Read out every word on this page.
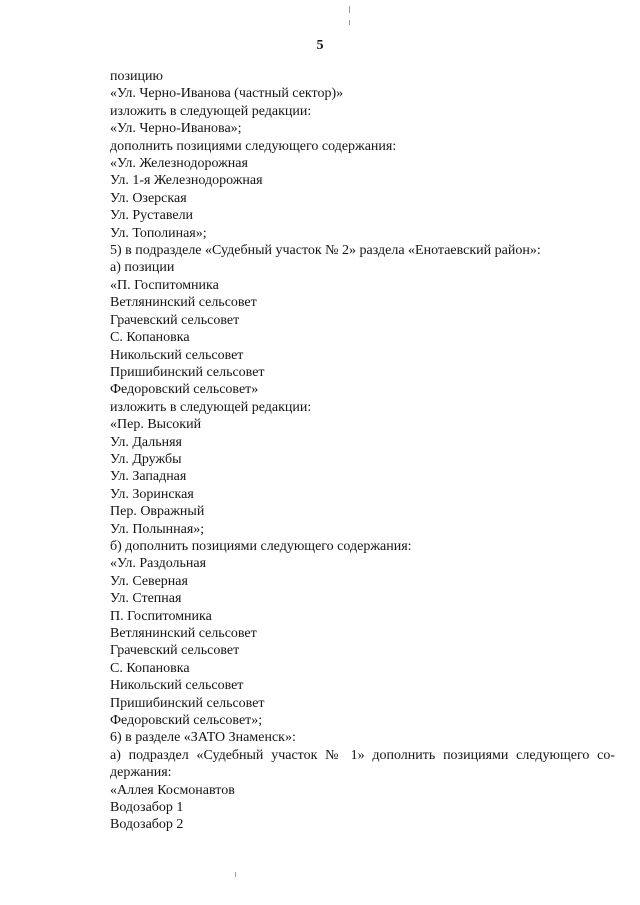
5
позицию
«Ул. Черно-Иванова (частный сектор)»
изложить в следующей редакции:
«Ул. Черно-Иванова»;
дополнить позициями следующего содержания:
«Ул. Железнодорожная
Ул. 1-я Железнодорожная
Ул. Озерская
Ул. Руставели
Ул. Тополиная»;
5) в подразделе «Судебный участок № 2» раздела «Енотаевский район»:
а) позиции
«П. Госпитомника
Ветлянинский сельсовет
Грачевский сельсовет
С. Копановка
Никольский сельсовет
Пришибинский сельсовет
Федоровский сельсовет»
изложить в следующей редакции:
«Пер. Высокий
Ул. Дальняя
Ул. Дружбы
Ул. Западная
Ул. Зоринская
Пер. Овражный
Ул. Полынная»;
б) дополнить позициями следующего содержания:
«Ул. Раздольная
Ул. Северная
Ул. Степная
П. Госпитомника
Ветлянинский сельсовет
Грачевский сельсовет
С. Копановка
Никольский сельсовет
Пришибинский сельсовет
Федоровский сельсовет»;
6) в разделе «ЗАТО Знаменск»:
а) подраздел «Судебный участок № 1» дополнить позициями следующего со-
держания:
«Аллея Космонавтов
Водозабор 1
Водозабор 2
